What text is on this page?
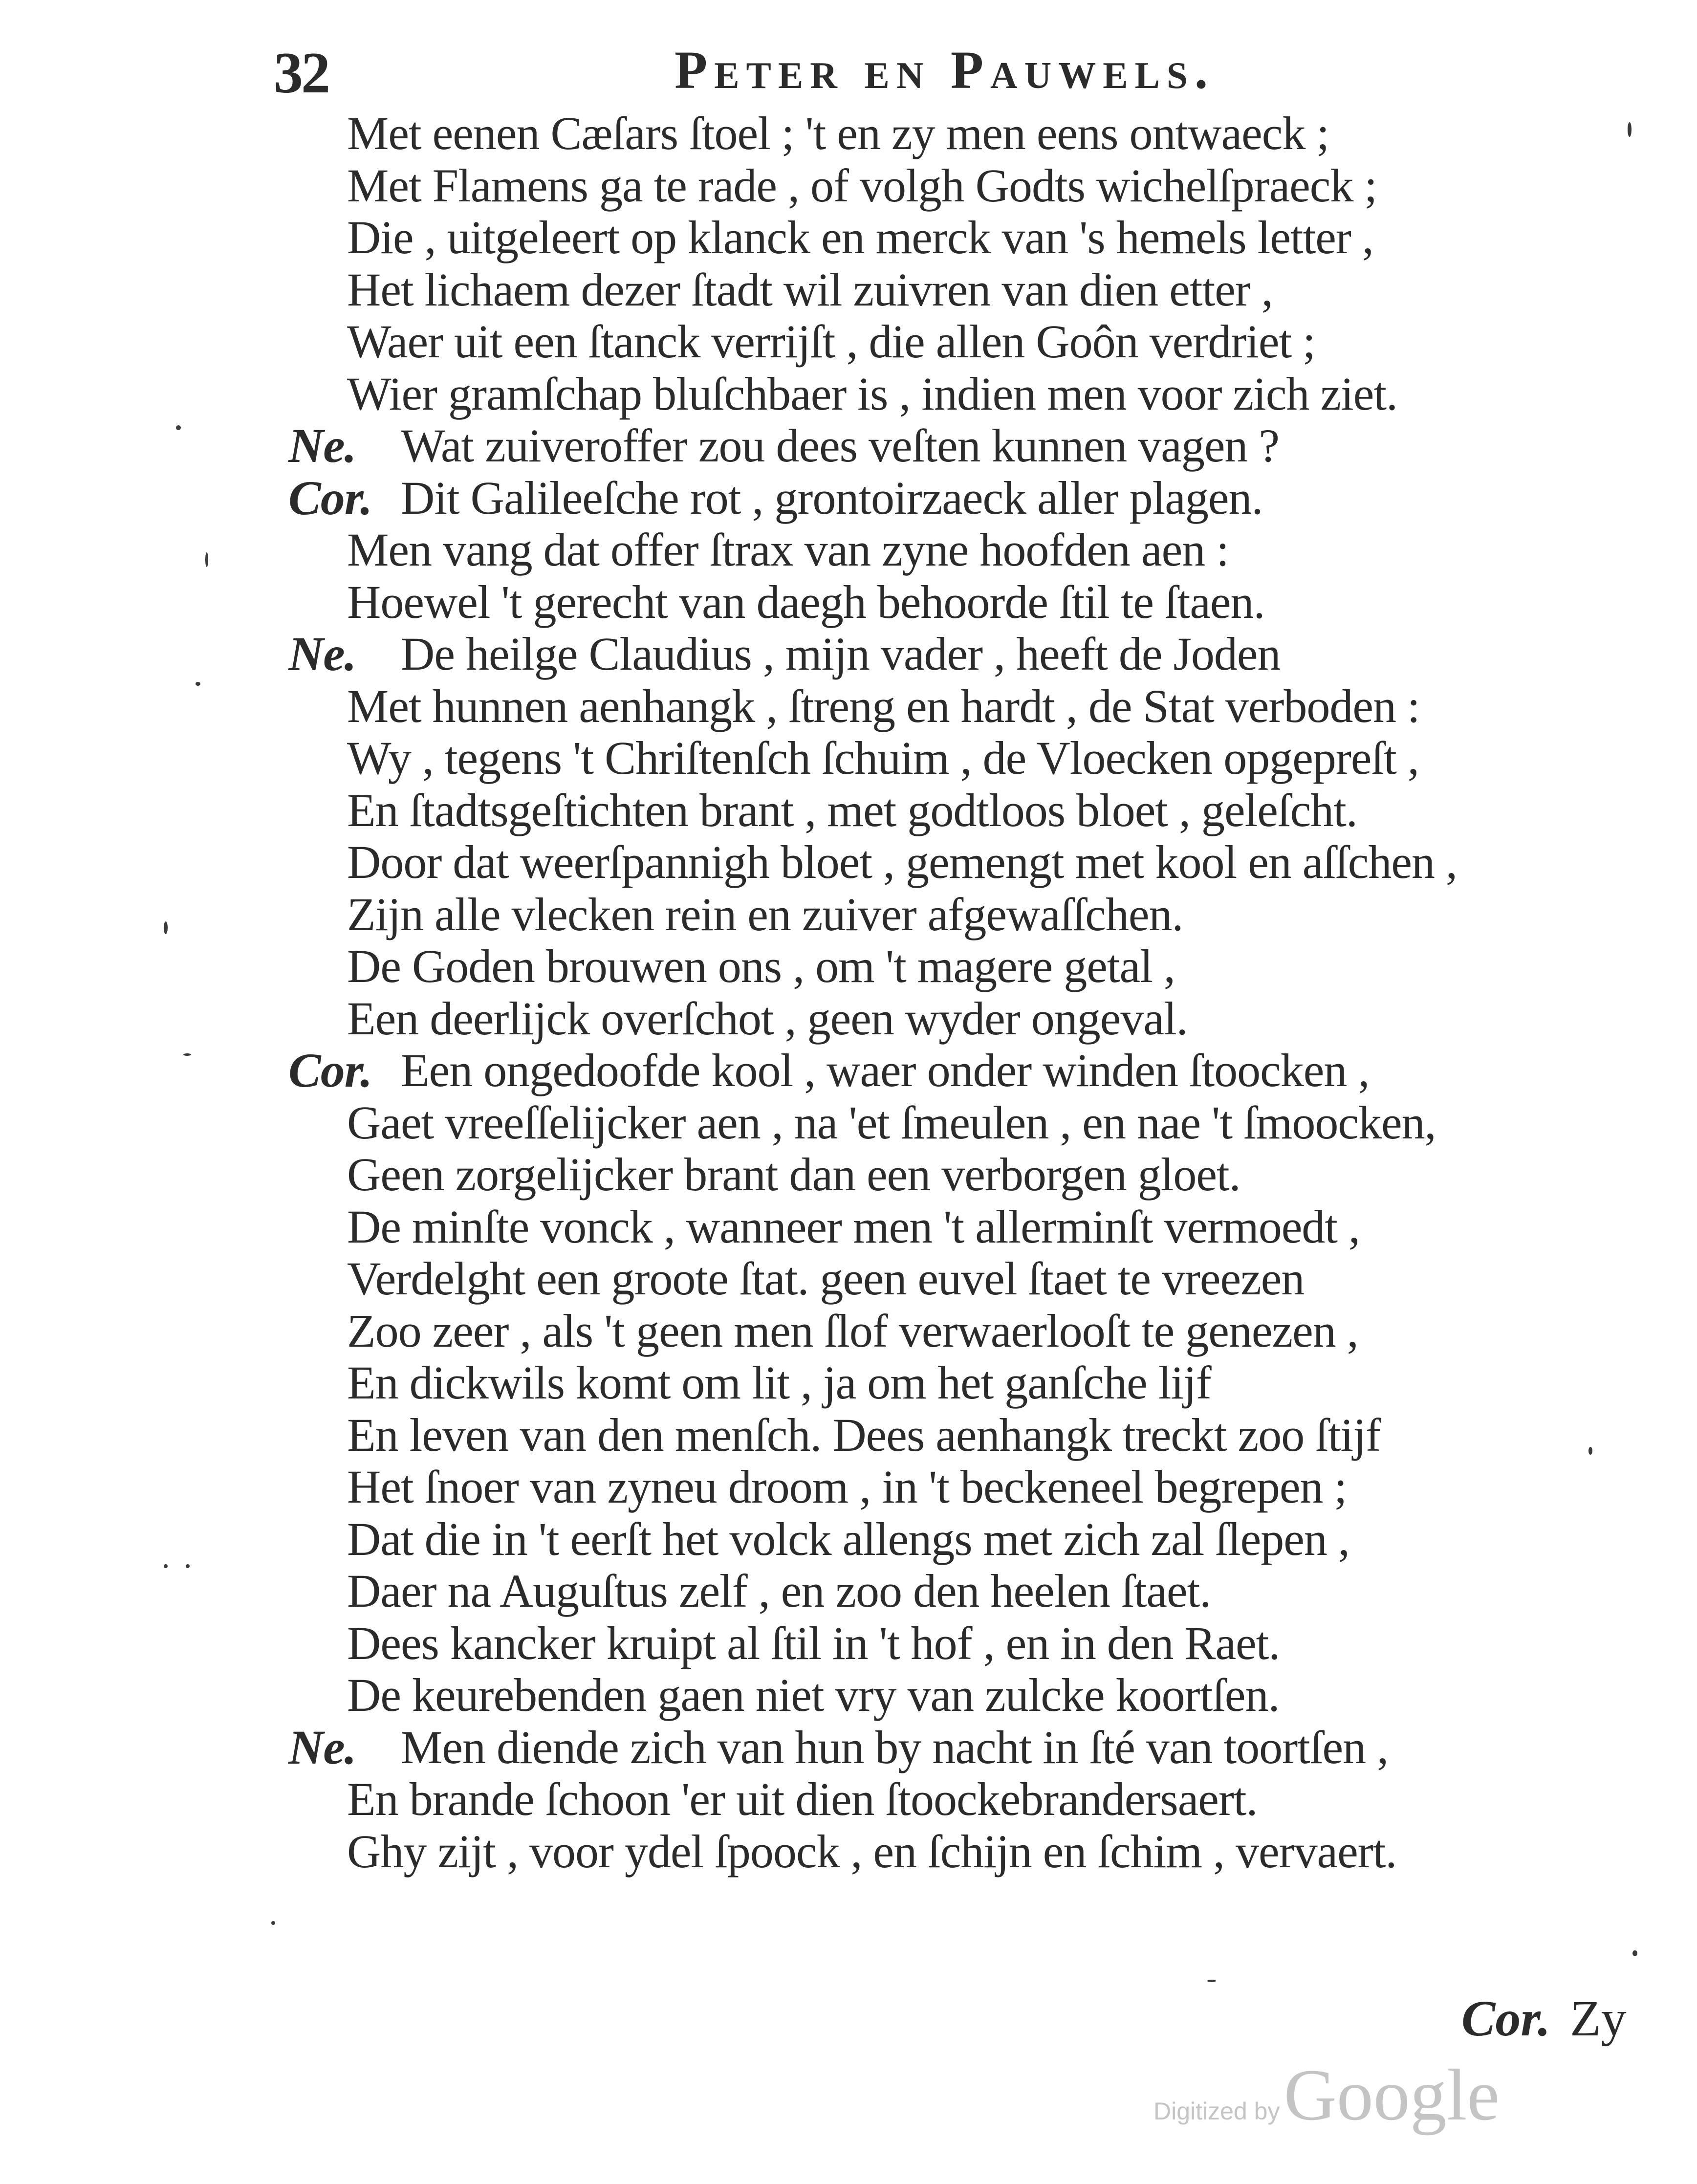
32	Peter en Pauwels.
Met eenen Cæſars ſtoel ; 't en zy men eens ontwaeck ;
Met Flamens ga te rade , of volgh Godts wichelſpraeck ;
Die , uitgeleert op klanck en merck van 's hemels letter ,
Het lichaem dezer ſtadt wil zuivren van dien etter ,
Waer uit een ſtanck verrijſt , die allen Goôn verdriet ;
Wier gramſchap bluſchbaer is , indien men voor zich ziet.
Ne. Wat zuiveroffer zou dees veſten kunnen vagen ?
Cor. Dit Galileeſche rot , grontoirzaeck aller plagen.
Men vang dat offer ſtrax van zyne hoofden aen :
Hoewel 't gerecht van daegh behoorde ſtil te ſtaen.
Ne. De heilge Claudius , mijn vader , heeft de Joden
Met hunnen aenhangk , ſtreng en hardt , de Stat verboden :
Wy , tegens 't Chriſtenſch ſchuim , de Vloecken opgepreſt ,
En ſtadtsgeſtichten brant , met godtloos bloet , geleſcht.
Door dat weerſpannigh bloet , gemengt met kool en aſſchen ,
Zijn alle vlecken rein en zuiver afgewaſſchen.
De Goden brouwen ons , om 't magere getal ,
Een deerlijck overſchot , geen wyder ongeval.
Cor. Een ongedoofde kool , waer onder winden ſtoocken ,
Gaet vreeſſelijcker aen , na 'et ſmeulen , en nae 't ſmoocken,
Geen zorgelijcker brant dan een verborgen gloet.
De minſte vonck , wanneer men 't allerminſt vermoedt ,
Verdelght een groote ſtat. geen euvel ſtaet te vreezen
Zoo zeer , als 't geen men ſlof verwaerlooſt te genezen ,
En dickwils komt om lit , ja om het ganſche lijf
En leven van den menſch. Dees aenhangk treckt zoo ſtijf
Het ſnoer van zyneu droom , in 't beckeneel begrepen ;
Dat die in 't eerſt het volck allengs met zich zal ſlepen ,
Daer na Auguſtus zelf , en zoo den heelen ſtaet.
Dees kancker kruipt al ſtil in 't hof , en in den Raet.
De keurebenden gaen niet vry van zulcke koortſen.
Ne. Men diende zich van hun by nacht in ſté van toortſen ,
En brande ſchoon 'er uit dien ſtoockebrandersaert.
Ghy zijt , voor ydel ſpoock , en ſchijn en ſchim , vervaert.
Cor. Zy
Digitized by Google
